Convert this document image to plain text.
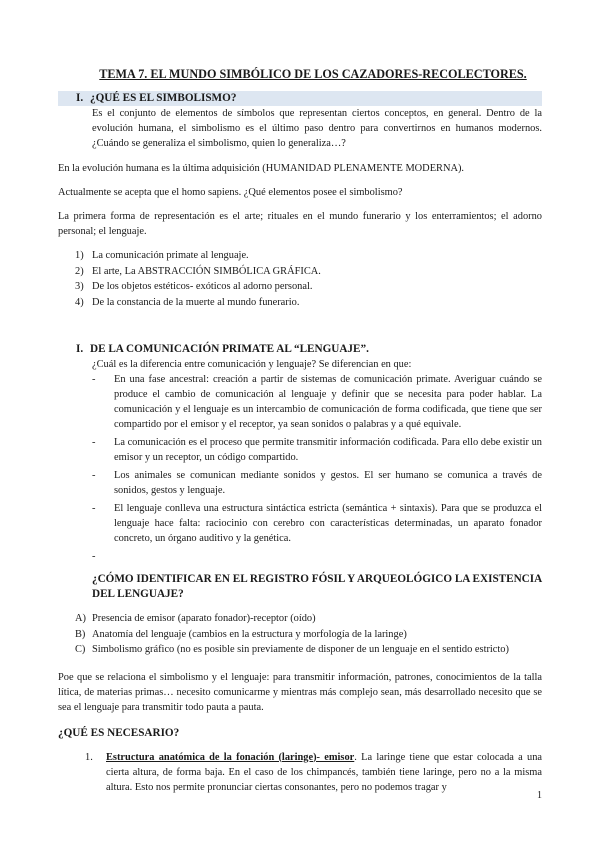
TEMA 7. EL MUNDO SIMBÓLICO DE LOS CAZADORES-RECOLECTORES.
I. ¿QUÉ ES EL SIMBOLISMO?

Es el conjunto de elementos de símbolos que representan ciertos conceptos, en general. Dentro de la evolución humana, el simbolismo es el último paso dentro para convertirnos en humanos modernos. ¿Cuándo se generaliza el simbolismo, quien lo generaliza…?

En la evolución humana es la última adquisición (HUMANIDAD PLENAMENTE MODERNA).

Actualmente se acepta que el homo sapiens. ¿Qué elementos posee el simbolismo?

La primera forma de representación es el arte; rituales en el mundo funerario y los enterramientos; el adorno personal; el lenguaje.

1) La comunicación primate al lenguaje.
2) El arte, La ABSTRACCIÓN SIMBÓLICA GRÁFICA.
3) De los objetos estéticos- exóticos al adorno personal.
4) De la constancia de la muerte al mundo funerario.
I. DE LA COMUNICACIÓN PRIMATE AL “LENGUAJE”.

¿Cuál es la diferencia entre comunicación y lenguaje? Se diferencian en que:

-	En una fase ancestral: creación a partir de sistemas de comunicación primate. Averiguar cuándo se produce el cambio de comunicación al lenguaje y definir que se necesita para poder hablar. La comunicación y el lenguaje es un intercambio de comunicación de forma codificada, que tiene que ser compartido por el emisor y el receptor, ya sean sonidos o palabras y a qué equivale.
-	La comunicación es el proceso que permite transmitir información codificada. Para ello debe existir un emisor y un receptor, un código compartido.
-	Los animales se comunican mediante sonidos y gestos. El ser humano se comunica a través de sonidos, gestos y lenguaje.
-	El lenguaje conlleva una estructura sintáctica estricta (semántica + sintaxis). Para que se produzca el lenguaje hace falta: raciocinio con cerebro con características determinadas, un aparato fonador concreto, un órgano auditivo y la genética.
-
¿CÓMO IDENTIFICAR EN EL REGISTRO FÓSIL Y ARQUEOLÓGICO LA EXISTENCIA DEL LENGUAJE?
A) Presencia de emisor (aparato fonador)-receptor (oído)
B) Anatomía del lenguaje (cambios en la estructura y morfología de la laringe)
C) Simbolismo gráfico (no es posible sin previamente de disponer de un lenguaje en el sentido estricto)

Poe que se relaciona el simbolismo y el lenguaje: para transmitir información, patrones, conocimientos de la talla lítica, de materias primas… necesito comunicarme y mientras más complejo sean, más desarrollado necesito que se sea el lenguaje para transmitir todo pauta a pauta.

¿QUÉ ES NECESARIO?
1.	Estructura anatómica de la fonación (laringe)- emisor. La laringe tiene que estar colocada a una cierta altura, de forma baja. En el caso de los chimpancés, también tiene laringe, pero no a la misma altura. Esto nos permite pronunciar ciertas consonantes, pero no podemos tragar y
1
